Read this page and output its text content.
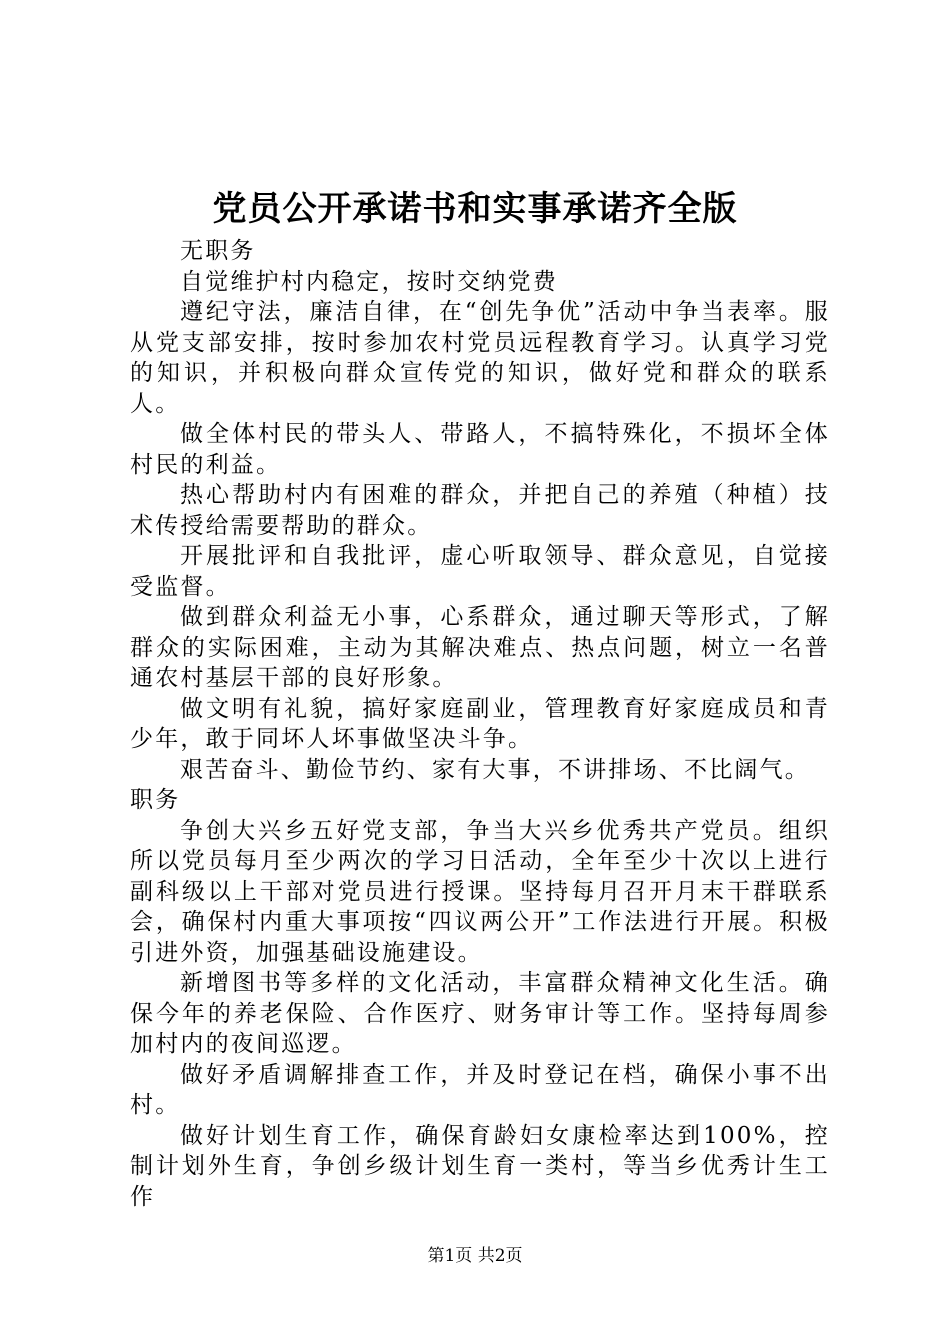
党员公开承诺书和实事承诺齐全版

无职务

自觉维护村内稳定，按时交纳党费

遵纪守法，廉洁自律，在“创先争优”活动中争当表率。服从党支部安排，按时参加农村党员远程教育学习。认真学习党的知识，并积极向群众宣传党的知识，做好党和群众的联系人。

做全体村民的带头人、带路人，不搞特殊化，不损坏全体村民的利益。

热心帮助村内有困难的群众，并把自己的养殖（种植）技术传授给需要帮助的群众。

开展批评和自我批评，虚心听取领导、群众意见，自觉接受监督。

做到群众利益无小事，心系群众，通过聊天等形式，了解群众的实际困难，主动为其解决难点、热点问题，树立一名普通农村基层干部的良好形象。

做文明有礼貌，搞好家庭副业，管理教育好家庭成员和青少年，敢于同坏人坏事做坚决斗争。

艰苦奋斗、勤俭节约、家有大事，不讲排场、不比阔气。

职务

争创大兴乡五好党支部，争当大兴乡优秀共产党员。组织所以党员每月至少两次的学习日活动，全年至少十次以上进行副科级以上干部对党员进行授课。坚持每月召开月末干群联系会，确保村内重大事项按“四议两公开”工作法进行开展。积极引进外资，加强基础设施建设。

新增图书等多样的文化活动，丰富群众精神文化生活。确保今年的养老保险、合作医疗、财务审计等工作。坚持每周参加村内的夜间巡逻。

做好矛盾调解排查工作，并及时登记在档，确保小事不出村。

做好计划生育工作，确保育龄妇女康检率达到100%，控制计划外生育，争创乡级计划生育一类村，等当乡优秀计生工作

第1页 共2页
